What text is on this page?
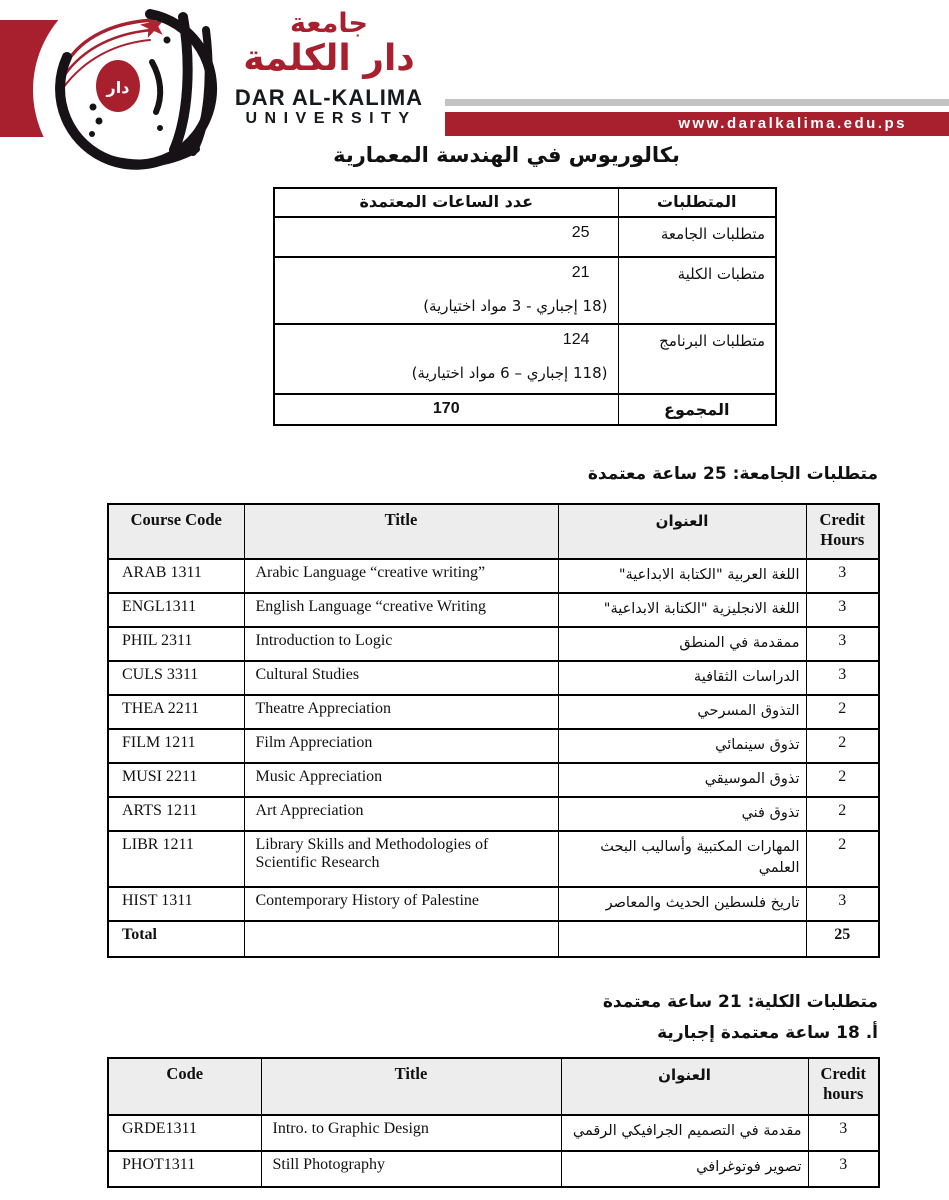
دار
جامعة
دار الكلمة
DAR AL-KALIMA
UNIVERSITY	www.daralkalima.edu.ps
بكالوريوس في الهندسة المعمارية
المتطلبات	عدد الساعات المعتمدة
متطلبات الجامعة	25
متطبات الكلية	21
(18 إجباري - 3 مواد اختيارية)

متطلبات البرنامج	124
(118 إجباري – 6 مواد اختيارية)

المجموع	170
متطلبات الجامعة: 25 ساعة معتمدة
Course Code	Title	العنوان	Credit Hours
ARAB 1311	Arabic Language “creative writing”	اللغة العربية "الكتابة الابداعية"	3
ENGL1311	English Language “creative Writing	اللغة الانجليزية "الكتابة الابداعية"	3
PHIL 2311	Introduction to Logic	ممقدمة في المنطق	3
CULS 3311	Cultural Studies	الدراسات الثقافية	3
THEA 2211	Theatre Appreciation	التذوق المسرحي	2
FILM 1211	Film Appreciation	تذوق سينمائي	2
MUSI 2211	Music Appreciation	تذوق الموسيقي	2
ARTS 1211	Art Appreciation	تذوق فني	2
LIBR 1211	Library Skills and Methodologies of Scientific Research	المهارات المكتبية وأساليب البحث العلمي	2
HIST 1311	Contemporary History of Palestine	تاريخ فلسطين الحديث والمعاصر	3
Total			25
متطلبات الكلية: 21 ساعة معتمدة
أ. 18 ساعة معتمدة إجبارية
Code	Title	العنوان	Credit hours
GRDE1311	Intro. to Graphic Design	مقدمة في التصميم الجرافيكي الرقمي	3
PHOT1311	Still Photography	تصوير فوتوغرافي	3
